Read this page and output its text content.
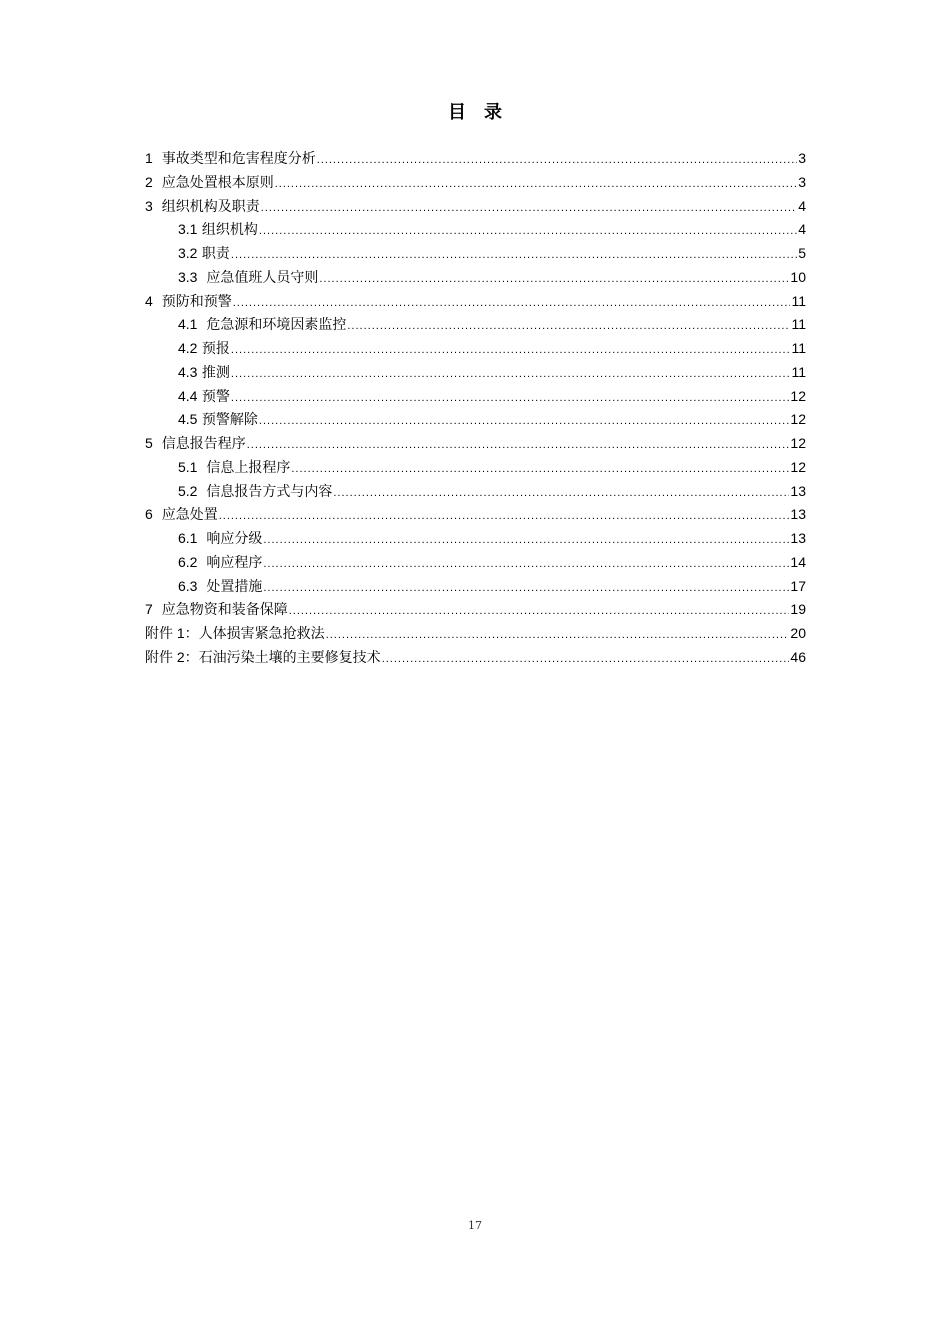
目 录
1 事故类型和危害程度分析 .....	3
2 应急处置根本原则 .....	3
3 组织机构及职责 .....	4
3.1 组织机构 .....	4
3.2 职责 .....	5
3.3 应急值班人员守则 .....	10
4 预防和预警 .....	11
4.1 危急源和环境因素监控 .....	11
4.2 预报 .....	11
4.3 推测 .....	11
4.4 预警 .....	12
4.5 预警解除 .....	12
5 信息报告程序 .....	12
5.1 信息上报程序 .....	12
5.2 信息报告方式与内容 .....	13
6 应急处置 .....	13
6.1 响应分级 .....	13
6.2 响应程序 .....	14
6.3 处置措施 .....	17
7 应急物资和装备保障 .....	19
附件 1：人体损害紧急抢救法 .....	20
附件 2：石油污染土壤的主要修复技术 .....	46
17
